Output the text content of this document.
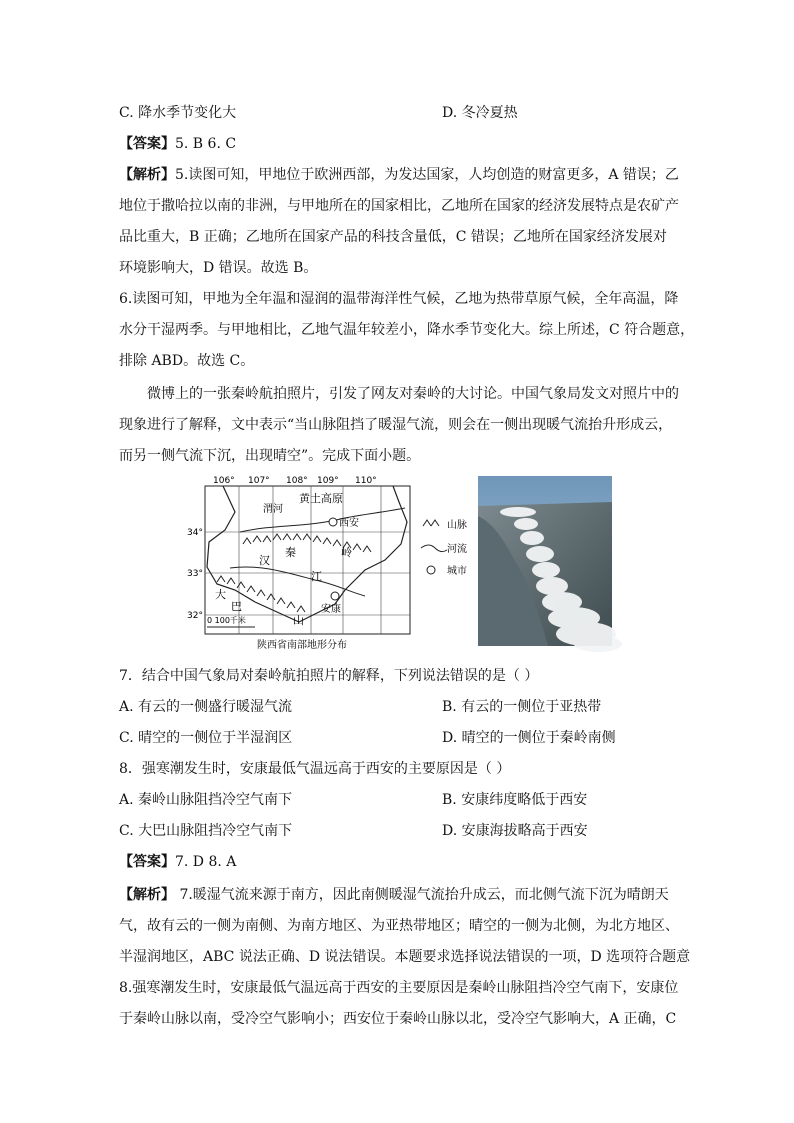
C. 降水季节变化大	D. 冬冷夏热
【答案】5. B 6. C
【解析】5.读图可知，甲地位于欧洲西部，为发达国家，人均创造的财富更多，A 错误；乙
地位于撒哈拉以南的非洲，与甲地所在的国家相比，乙地所在国家的经济发展特点是农矿产
品比重大，B 正确；乙地所在国家产品的科技含量低，C 错误；乙地所在国家经济发展对
环境影响大，D 错误。故选 B。
6.读图可知，甲地为全年温和湿润的温带海洋性气候，乙地为热带草原气候，全年高温，降
水分干湿两季。与甲地相比，乙地气温年较差小，降水季节变化大。综上所述，C 符合题意，
排除 ABD。故选 C。
微博上的一张秦岭航拍照片，引发了网友对秦岭的大讨论。中国气象局发文对照片中的
现象进行了解释，文中表示“当山脉阻挡了暖湿气流，则会在一侧出现暖气流抬升形成云，
而另一侧气流下沉，出现晴空”。完成下面小题。
106° 107° 108° 109° 110°
34°
33°
32°
黄土高原
渭河
西安
汉
秦	岭
江
大
巴
山
安康
0 100千米
陕西省南部地形分布
山脉
河流
城市
7．结合中国气象局对秦岭航拍照片的解释，下列说法错误的是（ ）
A. 有云的一侧盛行暖湿气流	B. 有云的一侧位于亚热带
C. 晴空的一侧位于半湿润区	D. 晴空的一侧位于秦岭南侧
8．强寒潮发生时，安康最低气温远高于西安的主要原因是（ ）
A. 秦岭山脉阻挡冷空气南下	B. 安康纬度略低于西安
C. 大巴山脉阻挡冷空气南下	D. 安康海拔略高于西安
【答案】7. D 8. A
【解析】 7.暖湿气流来源于南方，因此南侧暖湿气流抬升成云，而北侧气流下沉为晴朗天
气，故有云的一侧为南侧、为南方地区、为亚热带地区；晴空的一侧为北侧，为北方地区、
半湿润地区，ABC 说法正确、D 说法错误。本题要求选择说法错误的一项，D 选项符合题意
8.强寒潮发生时，安康最低气温远高于西安的主要原因是秦岭山脉阻挡冷空气南下，安康位
于秦岭山脉以南，受冷空气影响小；西安位于秦岭山脉以北，受冷空气影响大，A 正确，C
